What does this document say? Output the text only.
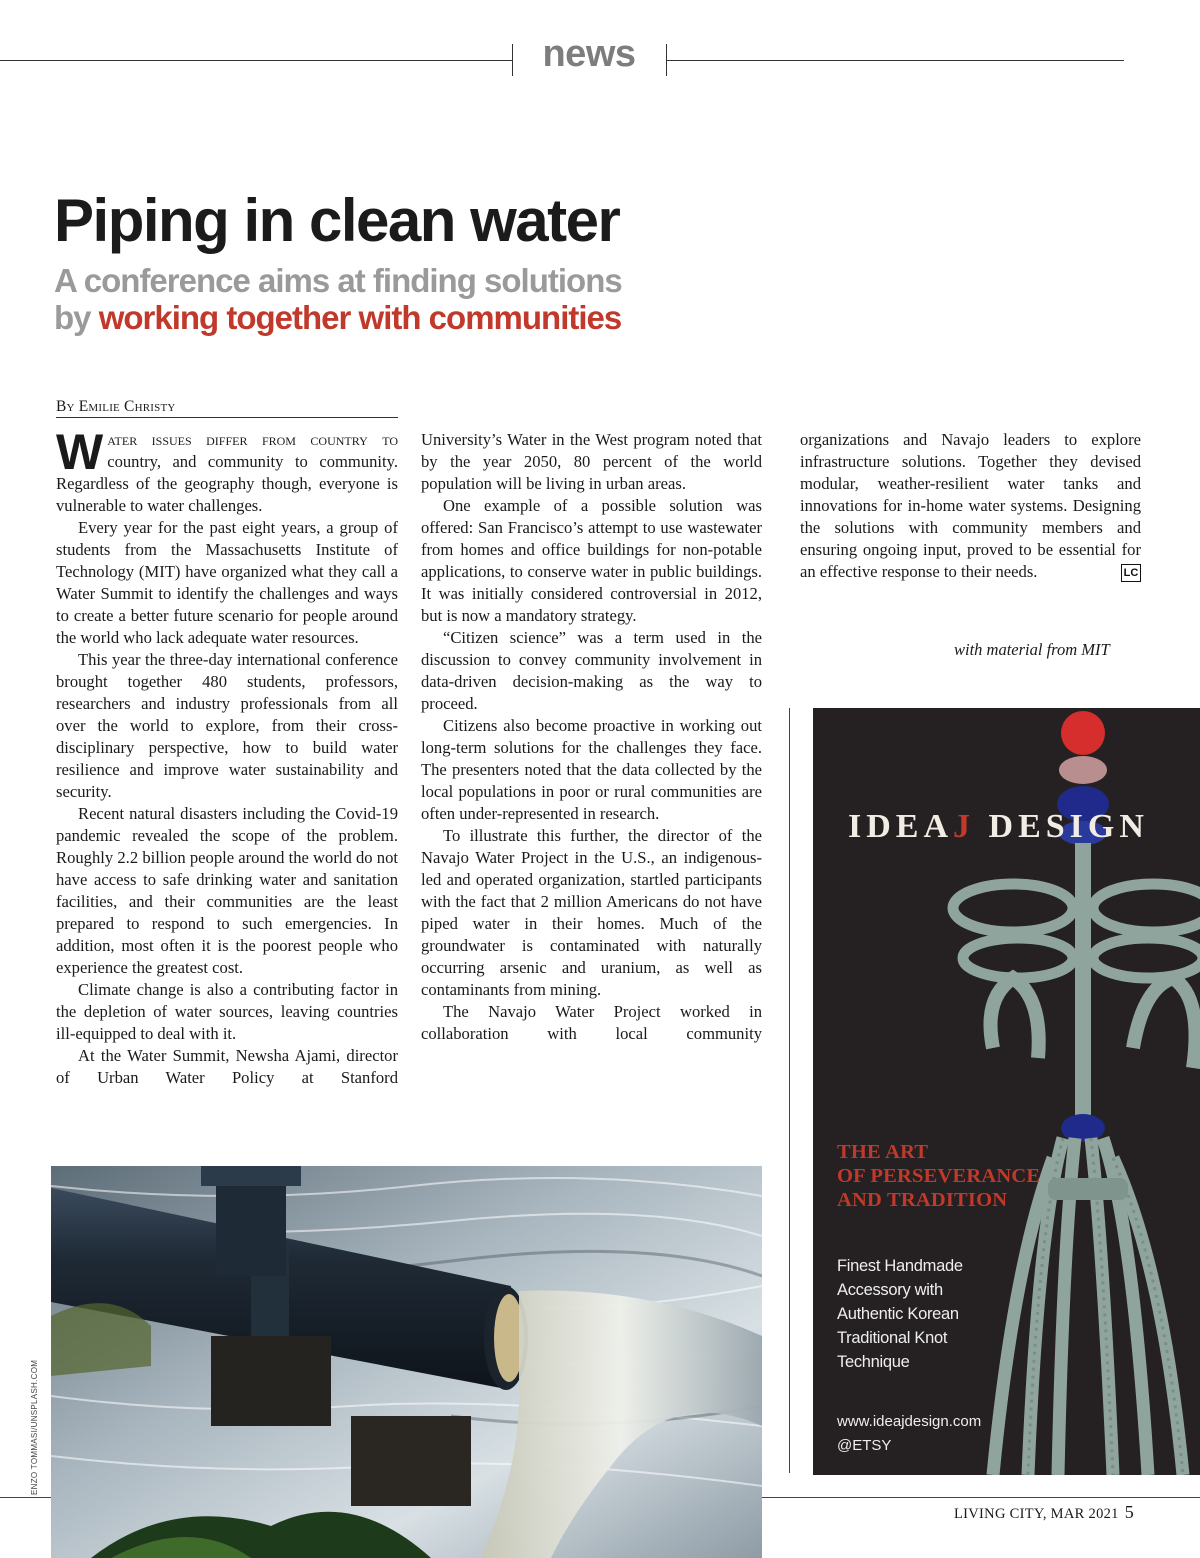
news
Piping in clean water
A conference aims at finding solutions
by working together with communities
By Emilie Christy

Water issues differ from country to country, and community to community. Regardless of the geography though, everyone is vulnerable to water challenges.

Every year for the past eight years, a group of students from the Massachusetts Institute of Technology (MIT) have organized what they call a Water Summit to identify the challenges and ways to create a better future scenario for people around the world who lack adequate water resources.

This year the three-day international conference brought together 480 students, professors, researchers and industry professionals from all over the world to explore, from their cross-disciplinary perspective, how to build water resilience and improve water sustainability and security.

Recent natural disasters including the Covid-19 pandemic revealed the scope of the problem. Roughly 2.2 billion people around the world do not have access to safe drinking water and sanitation facilities, and their communities are the least prepared to respond to such emergencies. In addition, most often it is the poorest people who experience the greatest cost.

Climate change is also a contributing factor in the depletion of water sources, leaving countries ill-equipped to deal with it.

At the Water Summit, Newsha Ajami, director of Urban Water Policy at Stanford

University’s Water in the West program noted that by the year 2050, 80 percent of the world population will be living in urban areas.

One example of a possible solution was offered: San Francisco’s attempt to use wastewater from homes and office buildings for non-potable applications, to conserve water in public buildings. It was initially considered controversial in 2012, but is now a mandatory strategy.

“Citizen science” was a term used in the discussion to convey community involvement in data-driven decision-making as the way to proceed.

Citizens also become proactive in working out long-term solutions for the challenges they face. The presenters noted that the data collected by the local populations in poor or rural communities are often under-represented in research.

To illustrate this further, the director of the Navajo Water Project in the U.S., an indigenous-led and operated organization, startled participants with the fact that 2 million Americans do not have piped water in their homes. Much of the groundwater is contaminated with naturally occurring arsenic and uranium, as well as contaminants from mining.

The Navajo Water Project worked in collaboration with local community

organizations and Navajo leaders to explore infrastructure solutions. Together they devised modular, weather-resilient water tanks and innovations for in-home water systems. Designing the solutions with community members and ensuring ongoing input, proved to be essential for an effective response to their needs.	LC

with material from MIT
ENZO TOMMASI/UNSPLASH.COM
IDEAJ DESIGN
THE ART
OF PERSEVERANCE
AND TRADITION
Finest Handmade
Accessory with
Authentic Korean
Traditional Knot
Technique
www.ideajdesign.com
@ETSY
LIVING CITY, MAR 2021 5
